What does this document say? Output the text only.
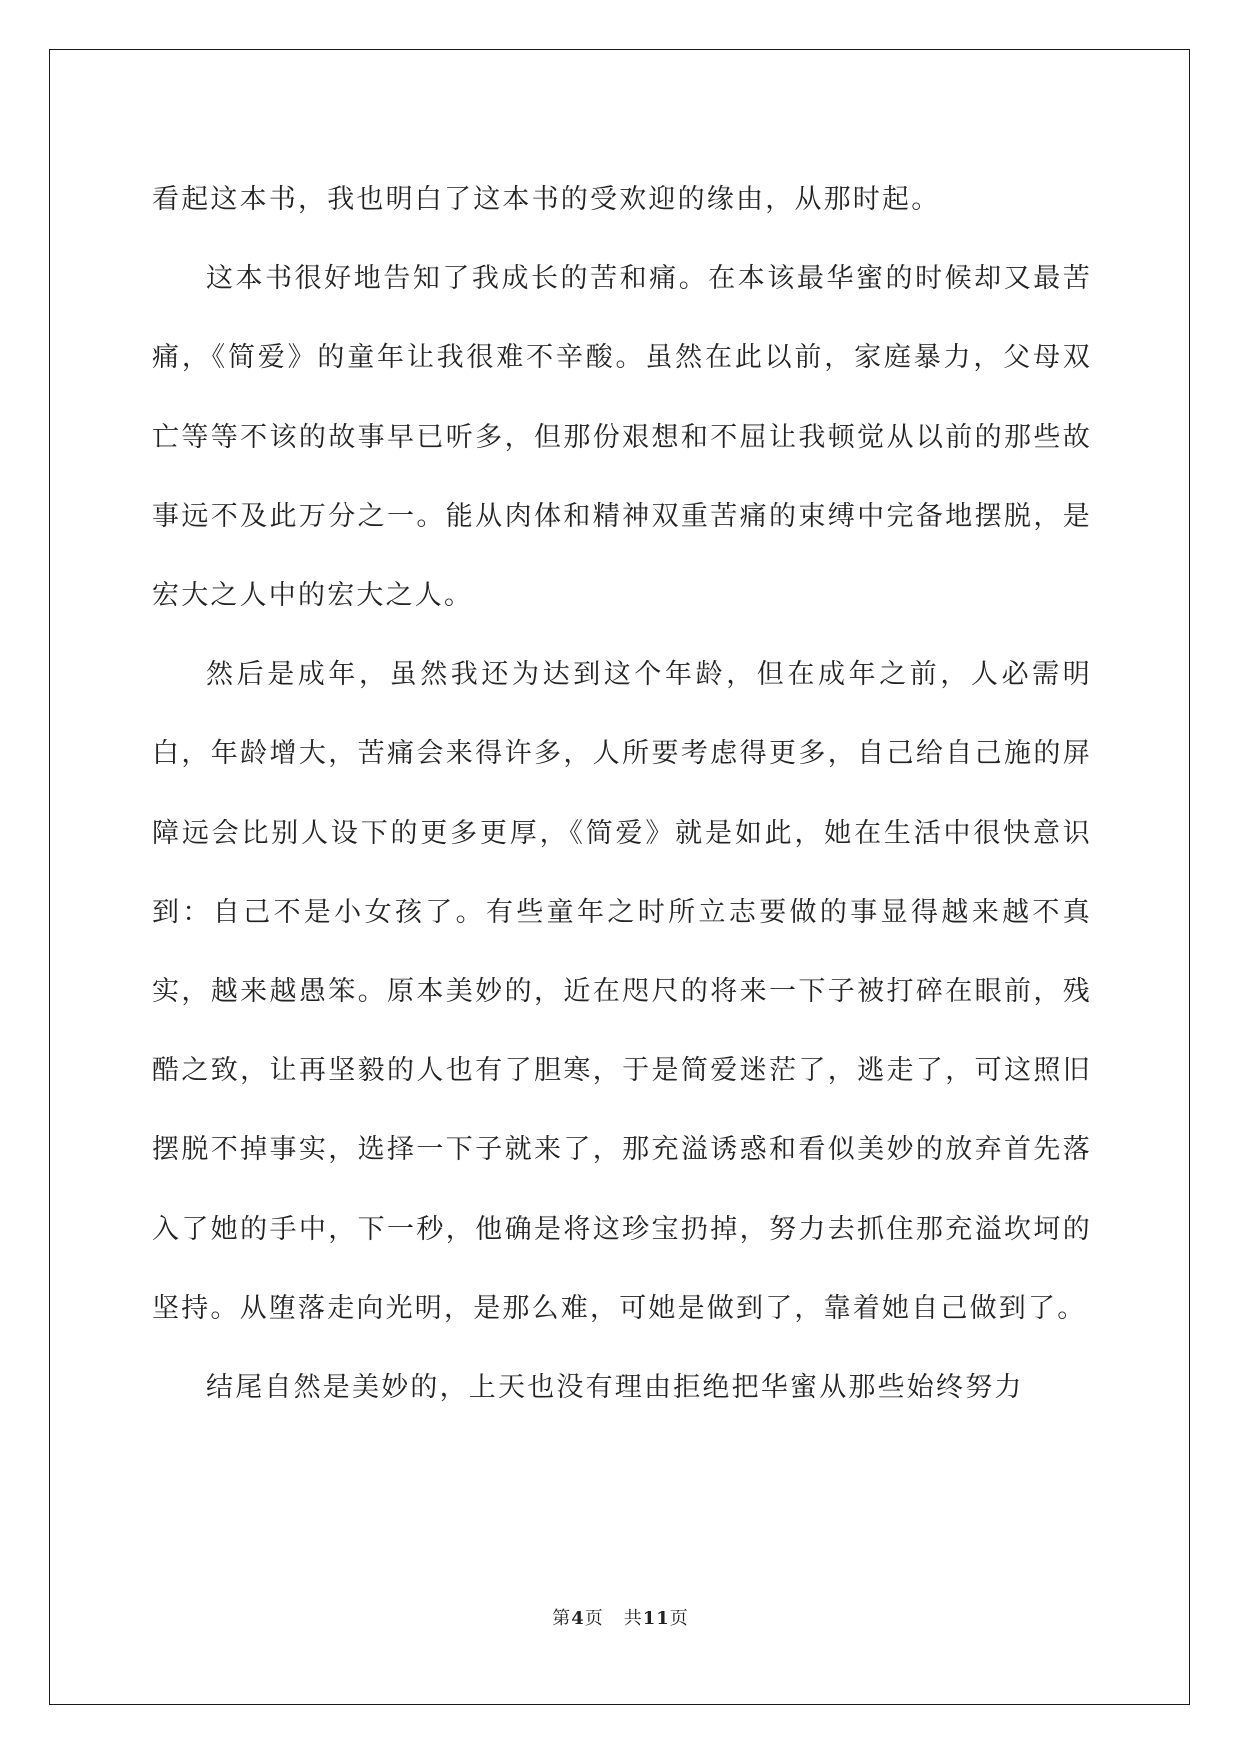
看起这本书，我也明白了这本书的受欢迎的缘由，从那时起。

这本书很好地告知了我成长的苦和痛。在本该最华蜜的时候却又最苦痛，《简爱》的童年让我很难不辛酸。虽然在此以前，家庭暴力，父母双亡等等不该的故事早已听多，但那份艰想和不屈让我顿觉从以前的那些故事远不及此万分之一。能从肉体和精神双重苦痛的束缚中完备地摆脱，是宏大之人中的宏大之人。

然后是成年，虽然我还为达到这个年龄，但在成年之前，人必需明白，年龄增大，苦痛会来得许多，人所要考虑得更多，自己给自己施的屏障远会比别人设下的更多更厚，《简爱》就是如此，她在生活中很快意识到：自己不是小女孩了。有些童年之时所立志要做的事显得越来越不真实，越来越愚笨。原本美妙的，近在咫尺的将来一下子被打碎在眼前，残酷之致，让再坚毅的人也有了胆寒，于是简爱迷茫了，逃走了，可这照旧摆脱不掉事实，选择一下子就来了，那充溢诱惑和看似美妙的放弃首先落入了她的手中，下一秒，他确是将这珍宝扔掉，努力去抓住那充溢坎坷的坚持。从堕落走向光明，是那么难，可她是做到了，靠着她自己做到了。

结尾自然是美妙的，上天也没有理由拒绝把华蜜从那些始终努力

第4页 共11页
